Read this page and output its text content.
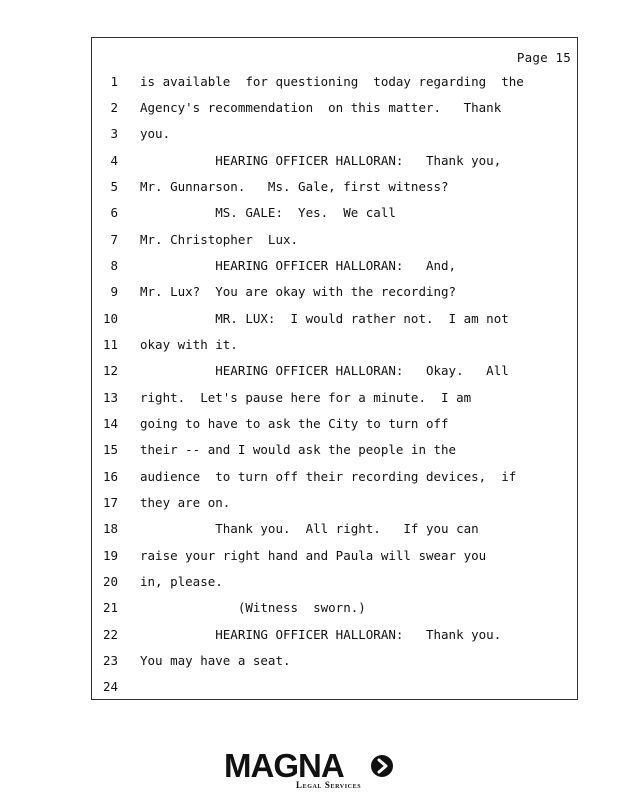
Page 15
1 is available  for questioning  today regarding  the
2 Agency's recommendation  on this matter.   Thank
3 you.
4 HEARING OFFICER HALLORAN:   Thank you,
5 Mr. Gunnarson.   Ms. Gale, first witness?
6 MS. GALE:  Yes.  We call
7 Mr. Christopher  Lux.
8 HEARING OFFICER HALLORAN:   And,
9 Mr. Lux?  You are okay with the recording?
10 MR. LUX:  I would rather not.  I am not
11 okay with it.
12 HEARING OFFICER HALLORAN:   Okay.   All
13 right.  Let's pause here for a minute.  I am
14 going to have to ask the City to turn off
15 their -- and I would ask the people in the
16 audience  to turn off their recording devices,  if
17 they are on.
18 Thank you.  All right.   If you can
19 raise your right hand and Paula will swear you
20 in, please.
21 (Witness  sworn.)
22 HEARING OFFICER HALLORAN:   Thank you.
23 You may have a seat.
24
MAGNA
Legal Services
